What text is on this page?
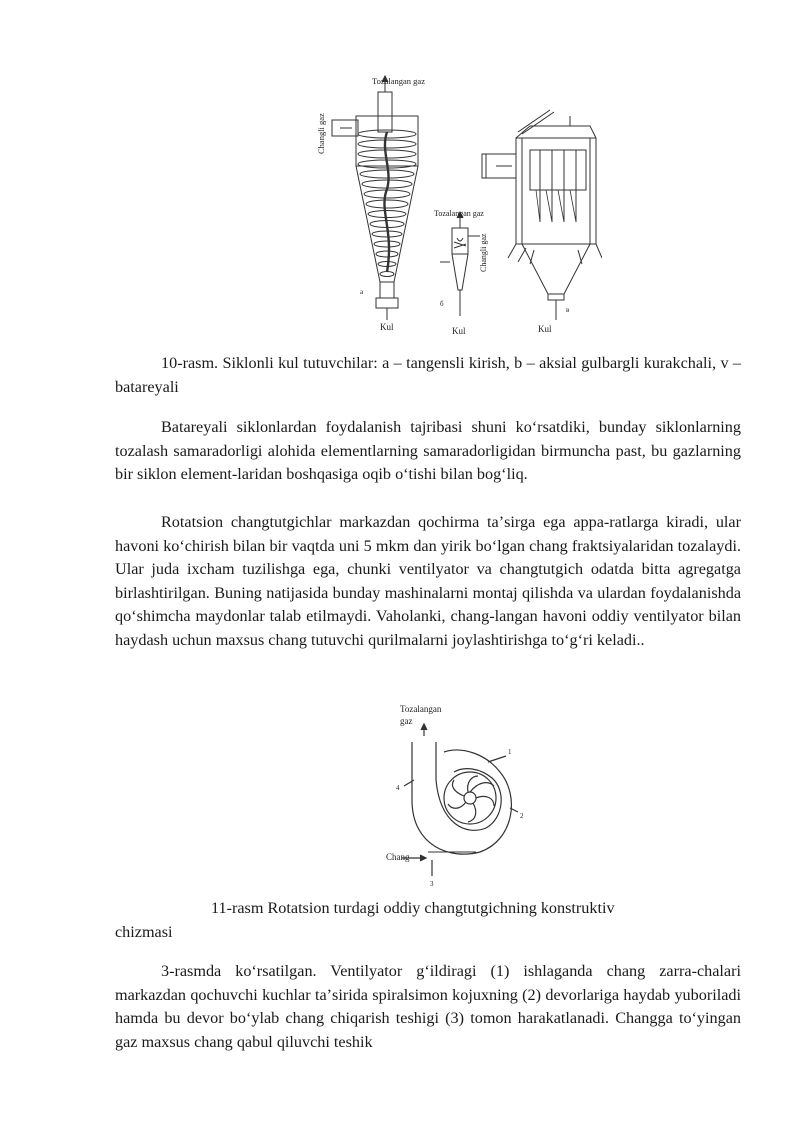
Tozalangan gaz
Changli gaz
Tozalangan gaz
Changli gaz
Kul	Kul	Kul
a
б
в

10-rasm. Siklonli kul tutuvchilar: a – tangensli kirish, b – aksial gulbargli kurakchali, v – batareyali

Batareyali siklonlardan foydalanish tajribasi shuni koʻrsatdiki, bunday siklonlarning tozalash samaradorligi alohida elementlarning samaradorligidan birmuncha past, bu gazlarning bir siklon element-laridan boshqasiga oqib oʻtishi bilan bogʻliq.

Rotatsion changtutgichlar markazdan qochirma taʼsirga ega appa-ratlarga kiradi, ular havoni koʻchirish bilan bir vaqtda uni 5 mkm dan yirik boʻlgan chang fraktsiyalaridan tozalaydi. Ular juda ixcham tuzilishga ega, chunki ventilyator va changtutgich odatda bitta agregatga birlashtirilgan. Buning natijasida bunday mashinalarni montaj qilishda va ulardan foydalanishda qoʻshimcha maydonlar talab etilmaydi. Vaholanki, chang-langan havoni oddiy ventilyator bilan haydash uchun maxsus chang tutuvchi qurilmalarni joylashtirishga toʻgʻri keladi..

Tozalangan
gaz
Chang
1
2
3
4

11-rasm Rotatsion turdagi oddiy changtutgichning konstruktiv

chizmasi

3-rasmda koʻrsatilgan. Ventilyator gʻildiragi (1) ishlaganda chang zarra-chalari markazdan qochuvchi kuchlar taʼsirida spiralsimon kojuxning (2) devorlariga haydab yuboriladi hamda bu devor boʻylab chang chiqarish teshigi (3) tomon harakatlanadi. Changga toʻyingan gaz maxsus chang qabul qiluvchi teshik
